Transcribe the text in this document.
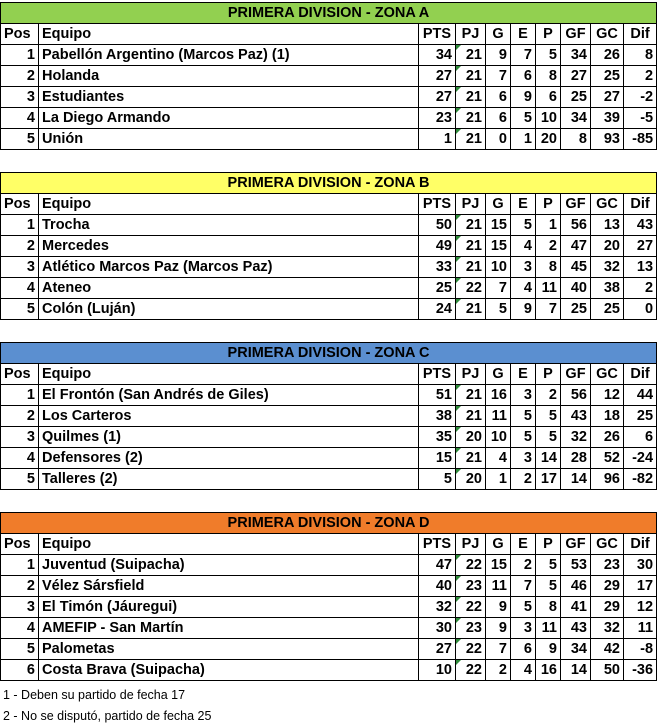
PRIMERA DIVISION - ZONA A									
Pos	Equipo	PTS	PJ	G	E	P	GF	GC	Dif
1	Pabellón Argentino (Marcos Paz) (1)	34	21	9	7	5	34	26	8
2	Holanda	27	21	7	6	8	27	25	2
3	Estudiantes	27	21	6	9	6	25	27	-2
4	La Diego Armando	23	21	6	5	10	34	39	-5
5	Unión	1	21	0	1	20	8	93	-85
PRIMERA DIVISION - ZONA B									
Pos	Equipo	PTS	PJ	G	E	P	GF	GC	Dif
1	Trocha	50	21	15	5	1	56	13	43
2	Mercedes	49	21	15	4	2	47	20	27
3	Atlético Marcos Paz (Marcos Paz)	33	21	10	3	8	45	32	13
4	Ateneo	25	22	7	4	11	40	38	2
5	Colón (Luján)	24	21	5	9	7	25	25	0
PRIMERA DIVISION - ZONA C									
Pos	Equipo	PTS	PJ	G	E	P	GF	GC	Dif
1	El Frontón (San Andrés de Giles)	51	21	16	3	2	56	12	44
2	Los Carteros	38	21	11	5	5	43	18	25
3	Quilmes (1)	35	20	10	5	5	32	26	6
4	Defensores (2)	15	21	4	3	14	28	52	-24
5	Talleres (2)	5	20	1	2	17	14	96	-82
PRIMERA DIVISION - ZONA D									
Pos	Equipo	PTS	PJ	G	E	P	GF	GC	Dif
1	Juventud (Suipacha)	47	22	15	2	5	53	23	30
2	Vélez Sársfield	40	23	11	7	5	46	29	17
3	El Timón (Jáuregui)	32	22	9	5	8	41	29	12
4	AMEFIP - San Martín	30	23	9	3	11	43	32	11
5	Palometas	27	22	7	6	9	34	42	-8
6	Costa Brava (Suipacha)	10	22	2	4	16	14	50	-36
1 - Deben su partido de fecha 17
2 - No se disputó, partido de fecha 25
